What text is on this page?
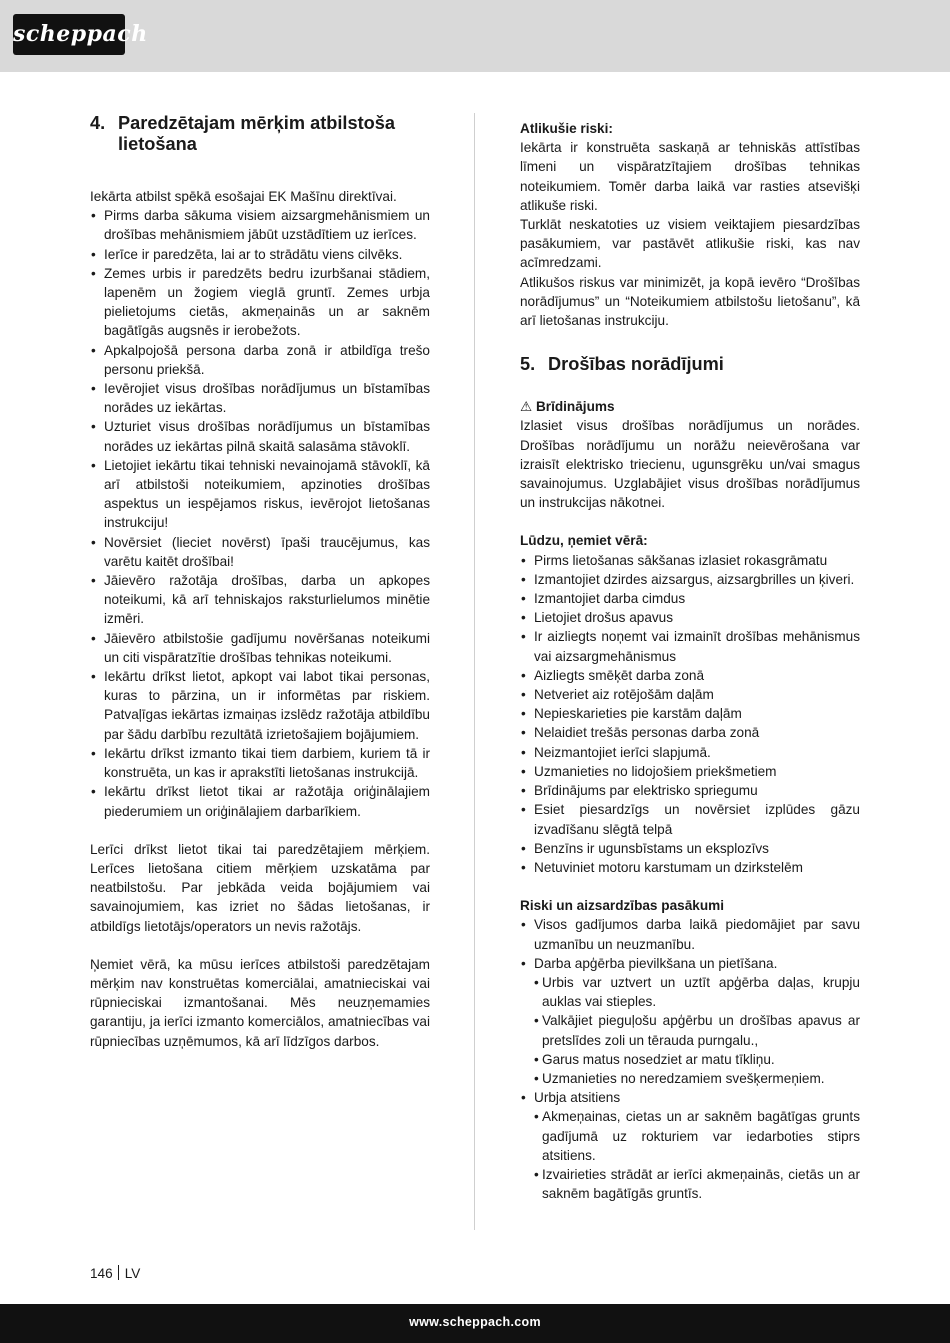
scheppach
4. Paredzētajam mērķim atbilstoša lietošana

Iekārta atbilst spēkā esošajai EK Mašīnu direktīvai.

• Pirms darba sākuma visiem aizsargmehānismiem un drošības mehānismiem jābūt uzstādītiem uz ierīces.
• Ierīce ir paredzēta, lai ar to strādātu viens cilvēks.
• Zemes urbis ir paredzēts bedru izurbšanai stādiem, lapenēm un žogiem viegIā gruntī. Zemes urbja pielietojums cietās, akmeņainās un ar saknēm bagātīgās augsnēs ir ierobežots.
• Apkalpojošā persona darba zonā ir atbildīga trešo personu priekšā.
• Ievērojiet visus drošības norādījumus un bīstamības norādes uz iekārtas.
• Uzturiet visus drošības norādījumus un bīstamības norādes uz iekārtas pilnā skaitā salasāma stāvoklī.
• Lietojiet iekārtu tikai tehniski nevainojamā stāvoklī, kā arī atbilstoši noteikumiem, apzinoties drošības aspektus un iespējamos riskus, ievērojot lietošanas instrukciju!
• Novērsiet (lieciet novērst) īpaši traucējumus, kas varētu kaitēt drošībai!
• Jāievēro ražotāja drošības, darba un apkopes noteikumi, kā arī tehniskajos raksturlielumos minētie izmēri.
• Jāievēro atbilstošie gadījumu novēršanas noteikumi un citi vispāratzītie drošības tehnikas noteikumi.
• Iekārtu drīkst lietot, apkopt vai labot tikai personas, kuras to pārzina, un ir informētas par riskiem. Patvaļīgas iekārtas izmaiņas izslēdz ražotāja atbildību par šādu darbību rezultātā izrietošajiem bojājumiem.
• Iekārtu drīkst izmanto tikai tiem darbiem, kuriem tā ir konstruēta, un kas ir aprakstīti lietošanas instrukcijā.
• Iekārtu drīkst lietot tikai ar ražotāja oriģinālajiem piederumiem un oriģinālajiem darbarīkiem.

Lerīci drīkst lietot tikai tai paredzētajiem mērķiem. Lerīces lietošana citiem mērķiem uzskatāma par neatbilstošu. Par jebkāda veida bojājumiem vai savainojumiem, kas izriet no šādas lietošanas, ir atbildīgs lietotājs/operators un nevis ražotājs.

Ņemiet vērā, ka mūsu ierīces atbilstoši paredzētajam mērķim nav konstruētas komerciālai, amatnieciskai vai rūpnieciskai izmantošanai. Mēs neuzņemamies garantiju, ja ierīci izmanto komerciālos, amatniecības vai rūpniecības uzņēmumos, kā arī līdzīgos darbos.

Atlikušie riski:

Iekārta ir konstruēta saskaņā ar tehniskās attīstības līmeni un vispāratzītajiem drošības tehnikas noteikumiem. Tomēr darba laikā var rasties atsevišķi atlikuše riski.

Turklāt neskatoties uz visiem veiktajiem piesardzības pasākumiem, var pastāvēt atlikušie riski, kas nav acīmredzami.

Atlikušos riskus var minimizēt, ja kopā ievēro “Drošības norādījumus” un “Noteikumiem atbilstošu lietošanu”, kā arī lietošanas instrukciju.

5. Drošības norādījumi

⚠ Brīdinājums

Izlasiet visus drošības norādījumus un norādes. Drošības norādījumu un norāžu neievērošana var izraisīt elektrisko triecienu, ugunsgrēku un/vai smagus savainojumus. Uzglabājiet visus drošības norādījumus un instrukcijas nākotnei.

Lūdzu, ņemiet vērā:

• Pirms lietošanas sākšanas izlasiet rokasgrāmatu
• Izmantojiet dzirdes aizsargus, aizsargbrilles un ķiveri.
• Izmantojiet darba cimdus
• Lietojiet drošus apavus
• Ir aizliegts noņemt vai izmainīt drošības mehānismus vai aizsargmehānismus
• Aizliegts smēķēt darba zonā
• Netveriet aiz rotējošām daļām
• Nepieskarieties pie karstām daļām
• Nelaidiet trešās personas darba zonā
• Neizmantojiet ierīci slapjumā.
• Uzmanieties no lidojošiem priekšmetiem
• Brīdinājums par elektrisko spriegumu
• Esiet piesardzīgs un novērsiet izplūdes gāzu izvadīšanu slēgtā telpā
• Benzīns ir ugunsbīstams un eksplozīvs
• Netuviniet motoru karstumam un dzirkstelēm

Riski un aizsardzības pasākumi

• Visos gadījumos darba laikā piedomājiet par savu uzmanību un neuzmanību.
• Darba apģērba pievilkšana un pietīšana.
• Urbis var uztvert un uztīt apģērba daļas, krupju auklas vai stieples.
• Valkājiet pieguļošu apģērbu un drošības apavus ar pretslīdes zoli un tērauda purngalu.,
• Garus matus nosedziet ar matu tīkliņu.
• Uzmanieties no neredzamiem svešķermeņiem.
• Urbja atsitiens
• Akmeņainas, cietas un ar saknēm bagātīgas grunts gadījumā uz rokturiem var iedarboties stiprs atsitiens.
• Izvairieties strādāt ar ierīci akmeņainās, cietās un ar saknēm bagātīgās gruntīs.
146 LV
www.scheppach.com
